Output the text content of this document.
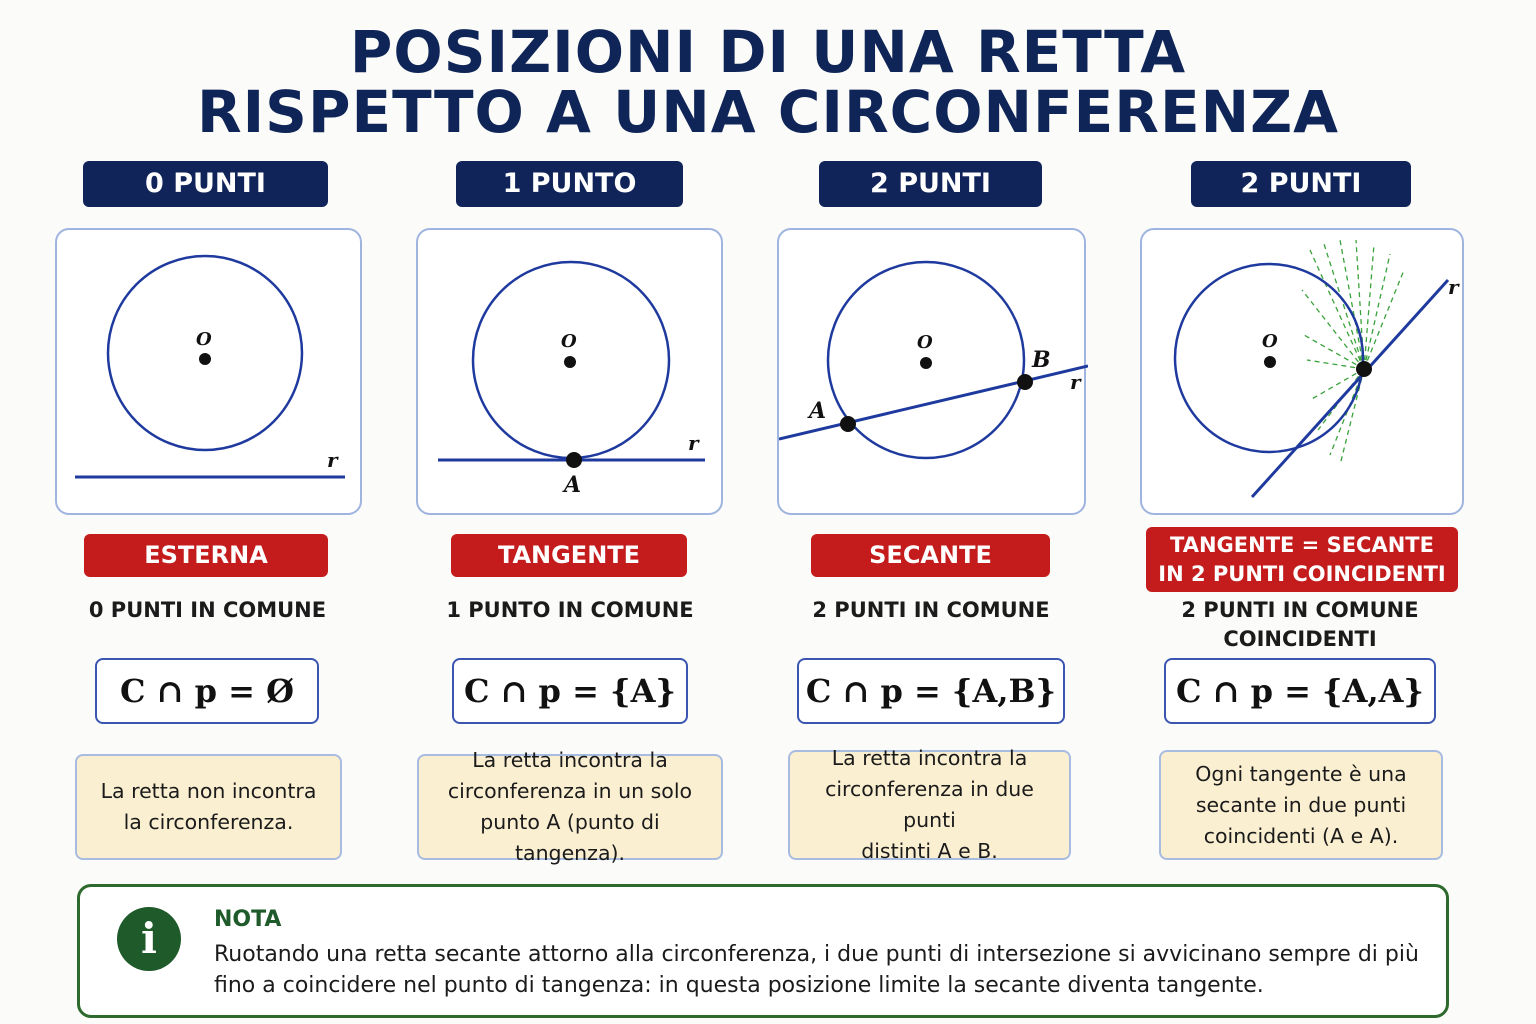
POSIZIONI DI UNA RETTA
RISPETTO A UNA CIRCONFERENZA
0 PUNTI
O
r
ESTERNA
0 PUNTI IN COMUNE
C ∩ p = Ø
La retta non incontra
la circonferenza.
1 PUNTO
O
r
A
TANGENTE
1 PUNTO IN COMUNE
C ∩ p = {A}
La retta incontra la
circonferenza in un solo
punto A (punto di tangenza).
2 PUNTI
O
r
A
B
SECANTE
2 PUNTI IN COMUNE
C ∩ p = {A,B}
La retta incontra la
circonferenza in due punti
distinti A e B.
2 PUNTI
O
r
TANGENTE = SECANTE
IN 2 PUNTI COINCIDENTI
2 PUNTI IN COMUNE
COINCIDENTI
C ∩ p = {A,A}
Ogni tangente è una
secante in due punti
coincidenti (A e A).
i	NOTA
Ruotando una retta secante attorno alla circonferenza, i due punti di intersezione si avvicinano sempre di più
fino a coincidere nel punto di tangenza: in questa posizione limite la secante diventa tangente.
